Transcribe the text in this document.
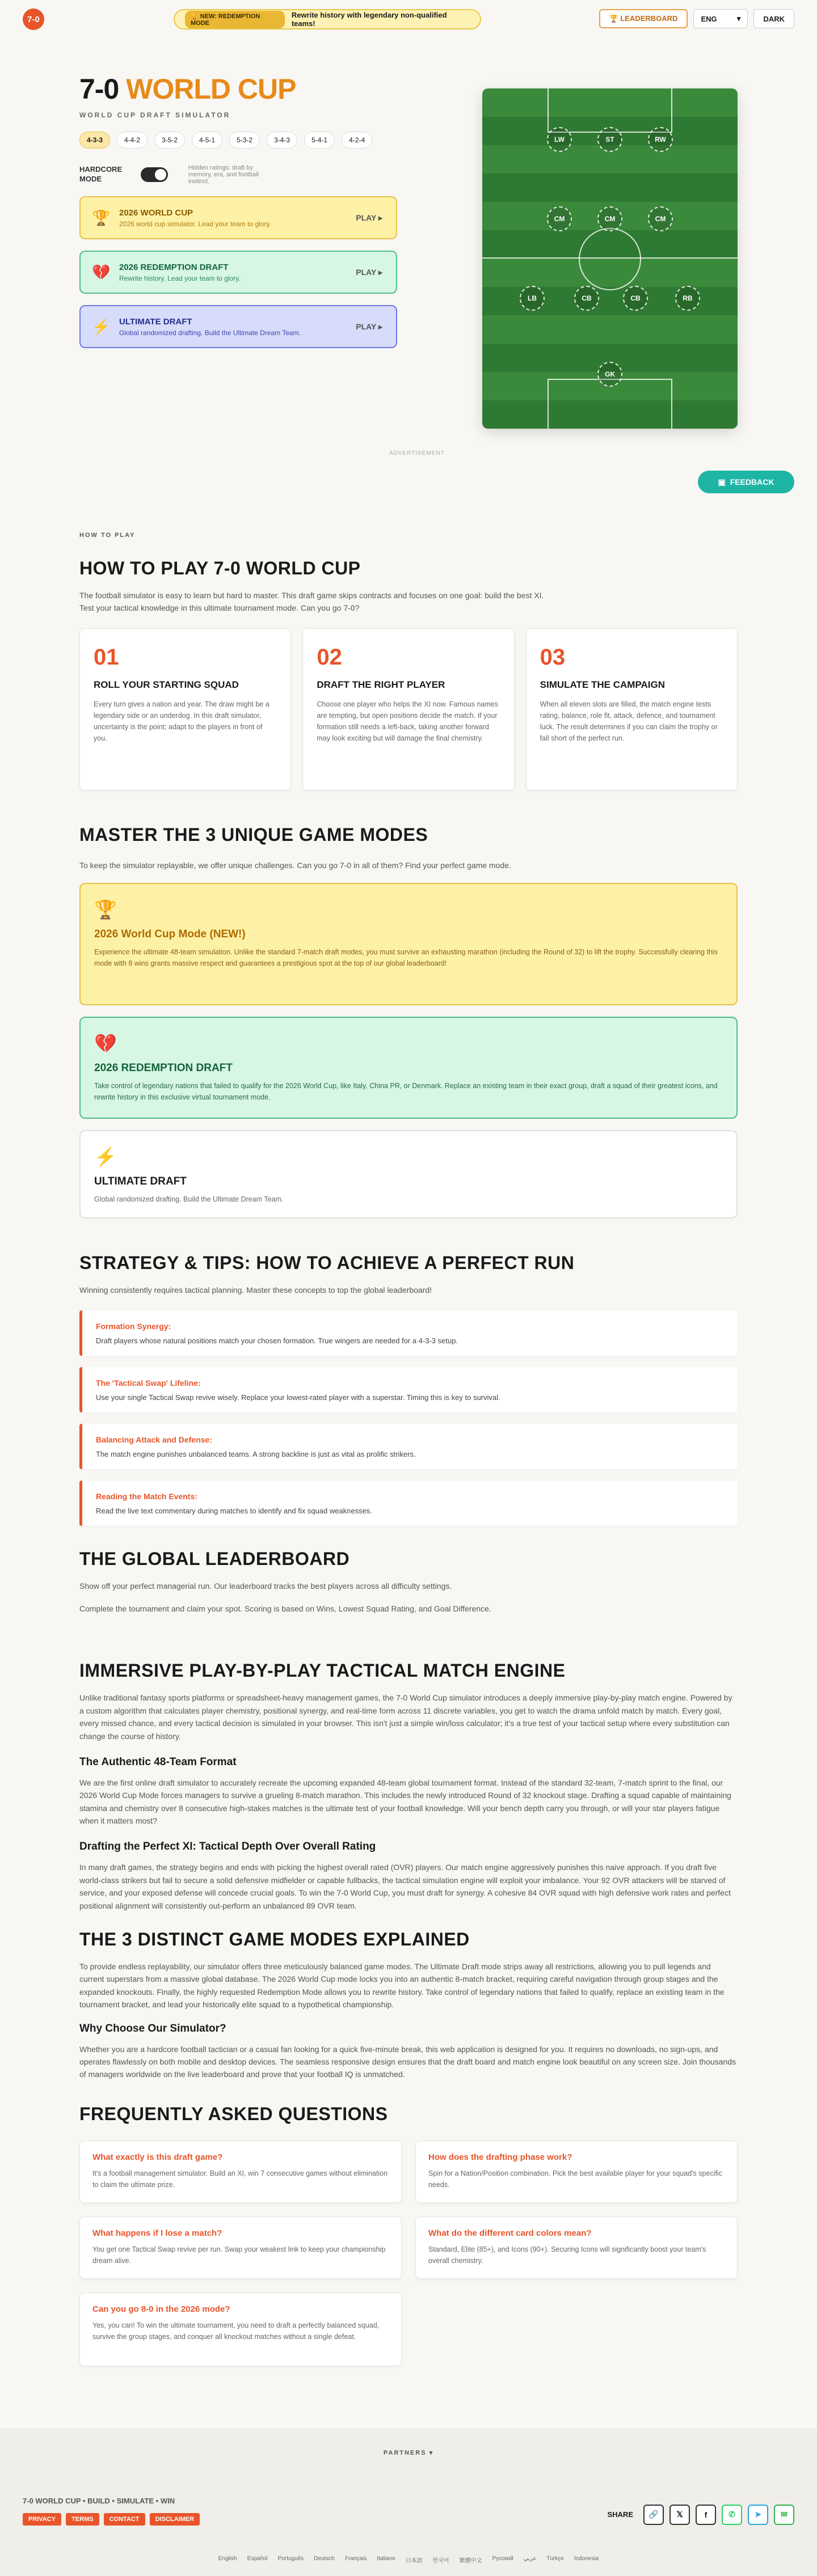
7-0	🏆 NEW: REDEMPTION MODE
Rewrite history with legendary non-qualified teams!
🏆 LEADERBOARD	ENG	▾	DARK
7-0 WORLD CUP
WORLD CUP DRAFT SIMULATOR
4-3-3	4-4-2	3-5-2	4-5-1	5-3-2	3-4-3	5-4-1	4-2-4
HARDCORE MODE
Hidden ratings: draft by memory, era, and football instinct.
🏆	2026 WORLD CUP
2026 world cup simulator. Lead your team to glory.
PLAY ▸
💔	2026 REDEMPTION DRAFT
Rewrite history. Lead your team to glory.
PLAY ▸
⚡	ULTIMATE DRAFT
Global randomized drafting. Build the Ultimate Dream Team.
PLAY ▸
LW	ST	RW
CM	CM	CM
LB	CB	CB	RB
GK
ADVERTISEMENT
▣ FEEDBACK
HOW TO PLAY
HOW TO PLAY 7-0 WORLD CUP

The football simulator is easy to learn but hard to master. This draft game skips contracts and focuses on one goal: build the best XI. Test your tactical knowledge in this ultimate tournament mode. Can you go 7-0?

01
ROLL YOUR STARTING SQUAD
Every turn gives a nation and year. The draw might be a legendary side or an underdog. In this draft simulator, uncertainty is the point; adapt to the players in front of you.
02
DRAFT THE RIGHT PLAYER
Choose one player who helps the XI now. Famous names are tempting, but open positions decide the match. If your formation still needs a left-back, taking another forward may look exciting but will damage the final chemistry.
03
SIMULATE THE CAMPAIGN
When all eleven slots are filled, the match engine tests rating, balance, role fit, attack, defence, and tournament luck. The result determines if you can claim the trophy or fall short of the perfect run.
MASTER THE 3 UNIQUE GAME MODES

To keep the simulator replayable, we offer unique challenges. Can you go 7-0 in all of them? Find your perfect game mode.

🏆
2026 World Cup Mode (NEW!)
Experience the ultimate 48-team simulation. Unlike the standard 7-match draft modes, you must survive an exhausting marathon (including the Round of 32) to lift the trophy. Successfully clearing this mode with 8 wins grants massive respect and guarantees a prestigious spot at the top of our global leaderboard!
💔
2026 REDEMPTION DRAFT
Take control of legendary nations that failed to qualify for the 2026 World Cup, like Italy, China PR, or Denmark. Replace an existing team in their exact group, draft a squad of their greatest icons, and rewrite history in this exclusive virtual tournament mode.
⚡
ULTIMATE DRAFT
Global randomized drafting. Build the Ultimate Dream Team.
STRATEGY & TIPS: HOW TO ACHIEVE A PERFECT RUN

Winning consistently requires tactical planning. Master these concepts to top the global leaderboard!

Formation Synergy:
Draft players whose natural positions match your chosen formation. True wingers are needed for a 4-3-3 setup.
The 'Tactical Swap' Lifeline:
Use your single Tactical Swap revive wisely. Replace your lowest-rated player with a superstar. Timing this is key to survival.
Balancing Attack and Defense:
The match engine punishes unbalanced teams. A strong backline is just as vital as prolific strikers.
Reading the Match Events:
Read the live text commentary during matches to identify and fix squad weaknesses.
THE GLOBAL LEADERBOARD

Show off your perfect managerial run. Our leaderboard tracks the best players across all difficulty settings.

Complete the tournament and claim your spot. Scoring is based on Wins, Lowest Squad Rating, and Goal Difference.

IMMERSIVE PLAY-BY-PLAY TACTICAL MATCH ENGINE

Unlike traditional fantasy sports platforms or spreadsheet-heavy management games, the 7-0 World Cup simulator introduces a deeply immersive play-by-play match engine. Powered by a custom algorithm that calculates player chemistry, positional synergy, and real-time form across 11 discrete variables, you get to watch the drama unfold match by match. Every goal, every missed chance, and every tactical decision is simulated in your browser. This isn't just a simple win/loss calculator; it's a true test of your tactical setup where every substitution can change the course of history.

The Authentic 48-Team Format

We are the first online draft simulator to accurately recreate the upcoming expanded 48-team global tournament format. Instead of the standard 32-team, 7-match sprint to the final, our 2026 World Cup Mode forces managers to survive a grueling 8-match marathon. This includes the newly introduced Round of 32 knockout stage. Drafting a squad capable of maintaining stamina and chemistry over 8 consecutive high-stakes matches is the ultimate test of your football knowledge. Will your bench depth carry you through, or will your star players fatigue when it matters most?

Drafting the Perfect XI: Tactical Depth Over Overall Rating

In many draft games, the strategy begins and ends with picking the highest overall rated (OVR) players. Our match engine aggressively punishes this naive approach. If you draft five world-class strikers but fail to secure a solid defensive midfielder or capable fullbacks, the tactical simulation engine will exploit your imbalance. Your 92 OVR attackers will be starved of service, and your exposed defense will concede crucial goals. To win the 7-0 World Cup, you must draft for synergy. A cohesive 84 OVR squad with high defensive work rates and perfect positional alignment will consistently out-perform an unbalanced 89 OVR team.

THE 3 DISTINCT GAME MODES EXPLAINED

To provide endless replayability, our simulator offers three meticulously balanced game modes. The Ultimate Draft mode strips away all restrictions, allowing you to pull legends and current superstars from a massive global database. The 2026 World Cup mode locks you into an authentic 8-match bracket, requiring careful navigation through group stages and the expanded knockouts. Finally, the highly requested Redemption Mode allows you to rewrite history. Take control of legendary nations that failed to qualify, replace an existing team in the tournament bracket, and lead your historically elite squad to a hypothetical championship.

Why Choose Our Simulator?

Whether you are a hardcore football tactician or a casual fan looking for a quick five-minute break, this web application is designed for you. It requires no downloads, no sign-ups, and operates flawlessly on both mobile and desktop devices. The seamless responsive design ensures that the draft board and match engine look beautiful on any screen size. Join thousands of managers worldwide on the live leaderboard and prove that your football IQ is unmatched.

FREQUENTLY ASKED QUESTIONS
What exactly is this draft game?
It's a football management simulator. Build an XI, win 7 consecutive games without elimination to claim the ultimate prize.
How does the drafting phase work?
Spin for a Nation/Position combination. Pick the best available player for your squad's specific needs.
What happens if I lose a match?
You get one Tactical Swap revive per run. Swap your weakest link to keep your championship dream alive.
What do the different card colors mean?
Standard, Elite (85+), and Icons (90+). Securing Icons will significantly boost your team's overall chemistry.
Can you go 8-0 in the 2026 mode?
Yes, you can! To win the ultimate tournament, you need to draft a perfectly balanced squad, survive the group stages, and conquer all knockout matches without a single defeat.
PARTNERS ▾
7-0 WORLD CUP • BUILD • SIMULATE • WIN
PRIVACY	TERMS	CONTACT	DISCLAIMER
SHARE	🔗	𝕏	f	✆	➤	✉
English Español Português Deutsch Français Italiano 日本語 한국어 繁體中文 Русский عربي Türkçe Indonesia
